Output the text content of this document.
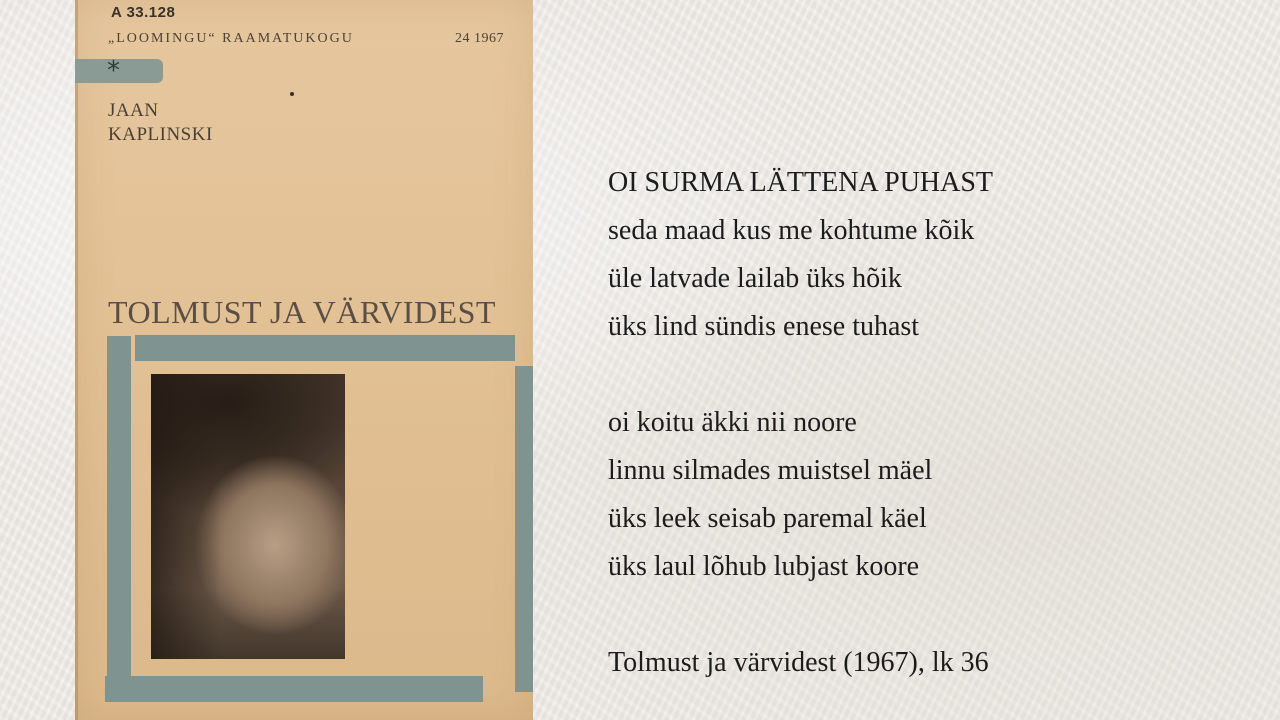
A 33.128
„LOOMINGU“ RAAMATUKOGU	24 1967
*
JAAN
KAPLINSKI
TOLMUST JA VÄRVIDEST
OI SURMA LÄTTENA PUHAST
seda maad kus me kohtume kõik
üle latvade lailab üks hõik
üks lind sündis enese tuhast
oi koitu äkki nii noore
linnu silmades muistsel mäel
üks leek seisab paremal käel
üks laul lõhub lubjast koore
Tolmust ja värvidest (1967), lk 36
